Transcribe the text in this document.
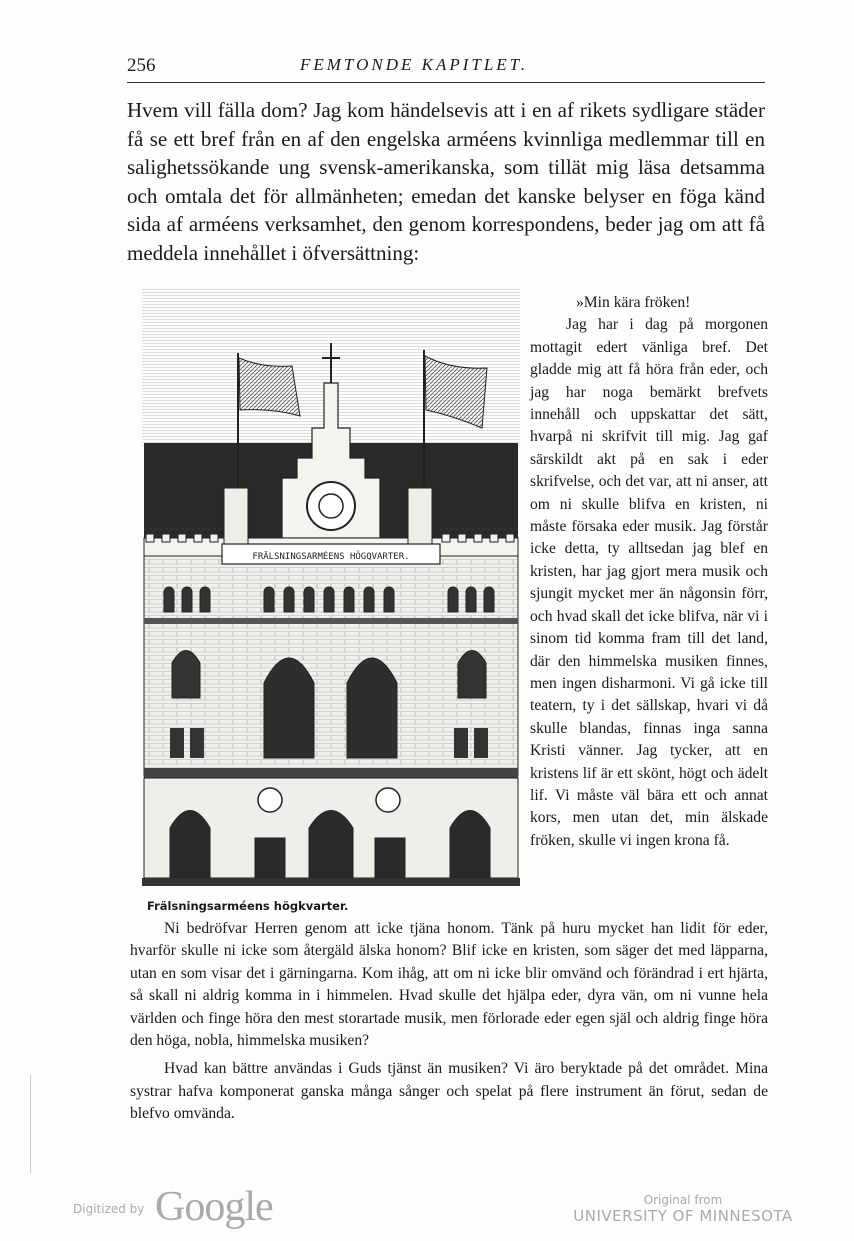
256	FEMTONDE KAPITLET.

Hvem vill fälla dom? Jag kom händelsevis att i en af rikets sydligare städer få se ett bref från en af den engelska arméens kvinnliga medlemmar till en salighetssökande ung svensk-amerikanska, som tillät mig läsa detsamma och omtala det för allmänheten; emedan det kanske belyser en föga känd sida af arméens verksamhet, den genom korrespondens, beder jag om att få meddela innehållet i öfversättning:

FRÄLSNINGSARMÉENS HÖGQVARTER.
Frälsningsarméens högkvarter.

»Min kära fröken!

Jag har i dag på morgonen mottagit edert vänliga bref. Det gladde mig att få höra från eder, och jag har noga bemärkt brefvets innehåll och uppskattar det sätt, hvarpå ni skrifvit till mig. Jag gaf särskildt akt på en sak i eder skrifvelse, och det var, att ni anser, att om ni skulle blifva en kristen, ni måste försaka eder musik. Jag förstår icke detta, ty alltsedan jag blef en kristen, har jag gjort mera musik och sjungit mycket mer än någonsin förr, och hvad skall det icke blifva, när vi i sinom tid komma fram till det land, där den himmelska musiken finnes, men ingen disharmoni. Vi gå icke till teatern, ty i det sällskap, hvari vi då skulle blandas, finnas inga sanna Kristi vänner. Jag tycker, att en kristens lif är ett skönt, högt och ädelt lif. Vi måste väl bära ett och annat kors, men utan det, min älskade fröken, skulle vi ingen krona få.

Ni bedröfvar Herren genom att icke tjäna honom. Tänk på huru mycket han lidit för eder, hvarför skulle ni icke som återgäld älska honom? Blif icke en kristen, som säger det med läpparna, utan en som visar det i gärningarna. Kom ihåg, att om ni icke blir omvänd och förändrad i ert hjärta, så skall ni aldrig komma in i himmelen. Hvad skulle det hjälpa eder, dyra vän, om ni vunne hela världen och finge höra den mest storartade musik, men förlorade eder egen själ och aldrig finge höra den höga, nobla, himmelska musiken?

Hvad kan bättre användas i Guds tjänst än musiken? Vi äro beryktade på det området. Mina systrar hafva komponerat ganska många sånger och spelat på flere instrument än förut, sedan de blefvo omvända.

Digitized by Google	Original from
UNIVERSITY OF MINNESOTA
